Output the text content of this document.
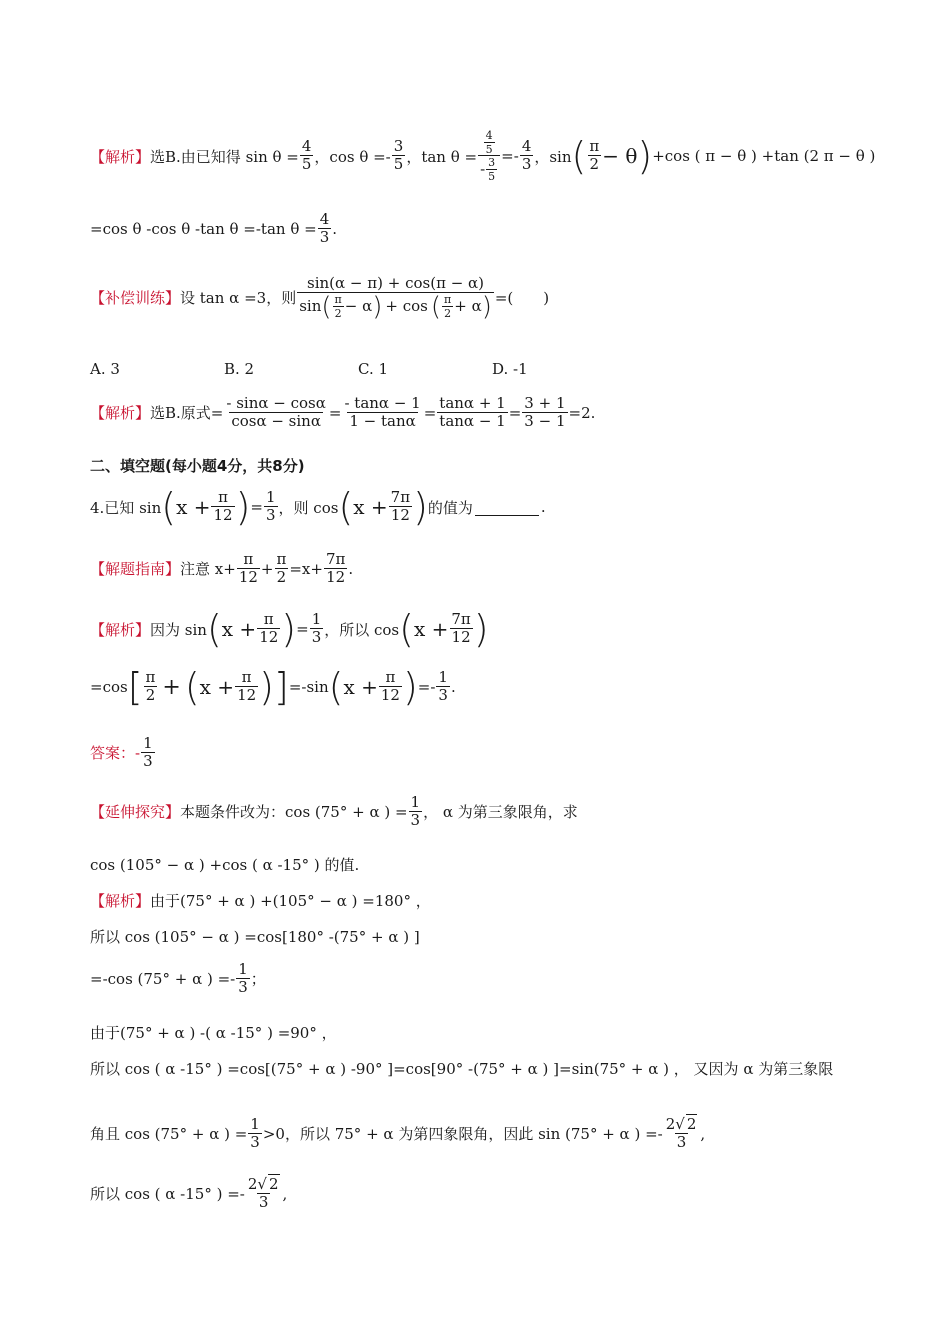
【解析】 选B.由已知得 $\sin \theta = \frac{4}{5}$ ，$\cos \theta =- \frac{3}{5}$ ，$\tan \theta = \frac{\frac{4}{5}}{- \frac{3}{5}} =- \frac{4}{3}$ ，sin ( $\frac{\pi}{2} - \theta$ ) +cos ( π − θ ) +tan (2 π − θ )
=cos θ -cos θ -tan θ =-tan $\theta = \frac{4}{3}$ .
【补偿训练】 设 tan α =3，则 $\frac{\sin(\alpha - \pi) + \cos(\pi - \alpha)}{\sin ( \frac{\pi}{2} - \alpha ) + \cos ( \frac{\pi}{2} + \alpha )}$ =(　　)
A. 3	B. 2	C. 1	D. -1
【解析】 选B.原式= $\frac{- \sin\alpha - \cos\alpha}{\cos\alpha - \sin\alpha} = \frac{- \tan\alpha - 1}{1 - \tan\alpha} = \frac{\tan\alpha + 1}{\tan\alpha - 1} = \frac{3 + 1}{3 - 1} =2$.
二、填空题(每小题4分，共8分)
4.已知 sin ( $x + \frac{\pi}{12}$ ) = $\frac{1}{3}$ ，则 cos ( $x + \frac{7\pi}{12}$ ) 的值为	.
【解题指南】 注意 $x+ \frac{\pi}{12} + \frac{\pi}{2} =x+ \frac{7\pi}{12}$ .
【解析】 因为 sin ( $x + \frac{\pi}{12}$ ) = $\frac{1}{3}$ ，所以 cos ( $x + \frac{7\pi}{12}$ )
=cos [ $\frac{\pi}{2}$ + ( $x + \frac{\pi}{12}$ ) ] =-sin ( $x + \frac{\pi}{12}$ ) =- $\frac{1}{3}$ .
答案： - $\frac{1}{3}$
【延伸探究】 本题条件改为：cos (75° + α ) = $\frac{1}{3}$ ， α 为第三象限角，求
cos (105° − α ) +cos ( α -15° ) 的值.
【解析】 由于(75° + α ) +(105° − α ) =180° ，
所以 cos (105° − α ) =cos[180° -(75° + α ) ]
=-cos (75° + α ) =- $\frac{1}{3}$ ；
由于(75° + α ) -( α -15° ) =90° ，
所以 cos ( α -15° ) =cos[(75° + α ) -90° ]=cos[90° -(75° + α ) ]=sin(75° + α ) ， 又因为 α 为第三象限
角且 cos (75° + α ) = $\frac{1}{3} >0$，所以 75° + α 为第四象限角，因此 sin (75° + α ) =- $\frac{2√ 2}{3}$ ,
所以 cos ( α -15° ) =- $\frac{2√ 2}{3}$ ,
